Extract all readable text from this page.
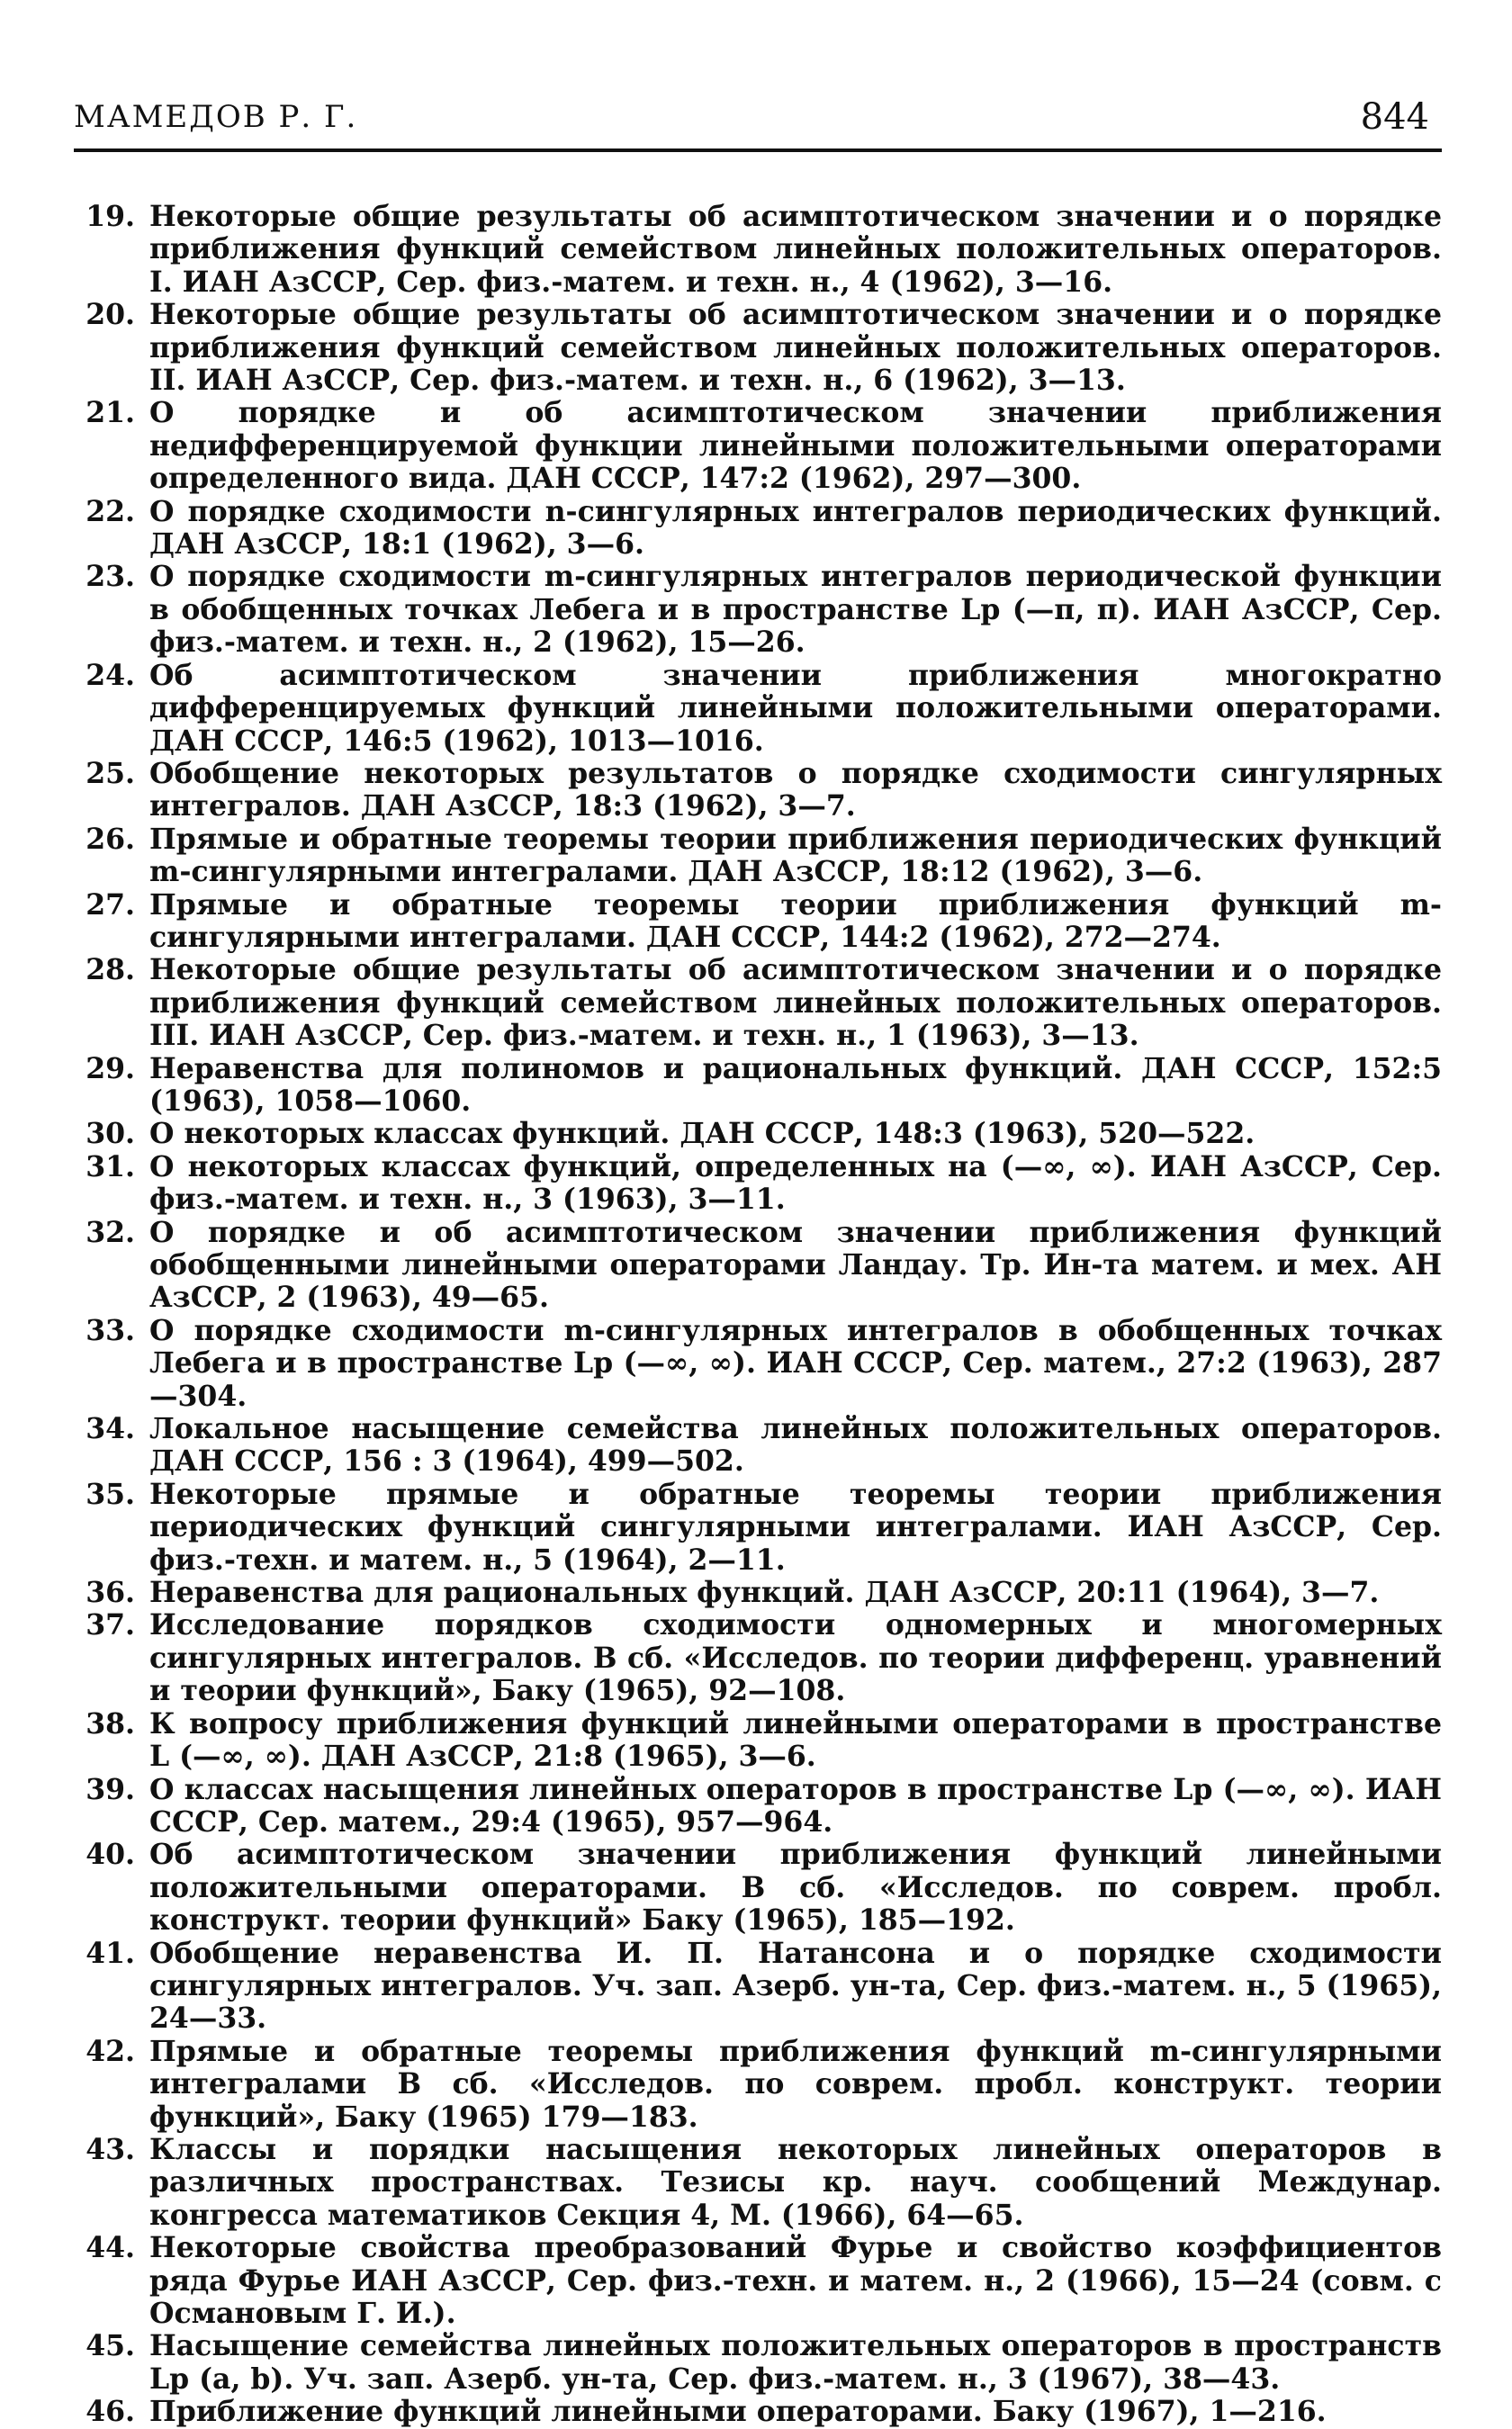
МАМЕДОВ Р. Г.	844
19. Некоторые общие результаты об асимптотическом значении и о порядке приближения функций семейством линейных положительных операторов. I. ИАН АзССР, Сер. физ.-матем. и техн. н., 4 (1962), 3—16.
20. Некоторые общие результаты об асимптотическом значении и о порядке приближения функций семейством линейных положительных операторов. II. ИАН АзССР, Сер. физ.-матем. и техн. н., 6 (1962), 3—13.
21. О порядке и об асимптотическом значении приближения недифференцируемой функции линейными положительными операторами определенного вида. ДАН СССР, 147:2 (1962), 297—300.
22. О порядке сходимости n-сингулярных интегралов периодических функций. ДАН АзССР, 18:1 (1962), 3—6.
23. О порядке сходимости m-сингулярных интегралов периодической функции в обобщенных точках Лебега и в пространстве Lp (—π, π). ИАН АзССР, Сер. физ.-матем. и техн. н., 2 (1962), 15—26.
24. Об асимптотическом значении приближения многократно дифференцируемых функций линейными положительными операторами. ДАН СССР, 146:5 (1962), 1013—1016.
25. Обобщение некоторых результатов о порядке сходимости сингулярных интегралов. ДАН АзССР, 18:3 (1962), 3—7.
26. Прямые и обратные теоремы теории приближения периодических функций m-сингулярными интегралами. ДАН АзССР, 18:12 (1962), 3—6.
27. Прямые и обратные теоремы теории приближения функций m-сингулярными интегралами. ДАН СССР, 144:2 (1962), 272—274.
28. Некоторые общие результаты об асимптотическом значении и о порядке приближения функций семейством линейных положительных операторов. III. ИАН АзССР, Сер. физ.-матем. и техн. н., 1 (1963), 3—13.
29. Неравенства для полиномов и рациональных функций. ДАН СССР, 152:5 (1963), 1058—1060.
30. О некоторых классах функций. ДАН СССР, 148:3 (1963), 520—522.
31. О некоторых классах функций, определенных на (—∞, ∞). ИАН АзССР, Сер. физ.-матем. и техн. н., 3 (1963), 3—11.
32. О порядке и об асимптотическом значении приближения функций обобщенными линейными операторами Ландау. Тр. Ин-та матем. и мех. АН АзССР, 2 (1963), 49—65.
33. О порядке сходимости m-сингулярных интегралов в обобщенных точках Лебега и в пространстве Lp (—∞, ∞). ИАН СССР, Сер. матем., 27:2 (1963), 287—304.
34. Локальное насыщение семейства линейных положительных операторов. ДАН СССР, 156 : 3 (1964), 499—502.
35. Некоторые прямые и обратные теоремы теории приближения периодических функций сингулярными интегралами. ИАН АзССР, Сер. физ.-техн. и матем. н., 5 (1964), 2—11.
36. Неравенства для рациональных функций. ДАН АзССР, 20:11 (1964), 3—7.
37. Исследование порядков сходимости одномерных и многомерных сингулярных интегралов. В сб. «Исследов. по теории дифференц. уравнений и теории функций», Баку (1965), 92—108.
38. К вопросу приближения функций линейными операторами в пространстве L (—∞, ∞). ДАН АзССР, 21:8 (1965), 3—6.
39. О классах насыщения линейных операторов в пространстве Lp (—∞, ∞). ИАН СССР, Сер. матем., 29:4 (1965), 957—964.
40. Об асимптотическом значении приближения функций линейными положительными операторами. В сб. «Исследов. по соврем. пробл. конструкт. теории функций» Баку (1965), 185—192.
41. Обобщение неравенства И. П. Натансона и о порядке сходимости сингулярных интегралов. Уч. зап. Азерб. ун-та, Сер. физ.-матем. н., 5 (1965), 24—33.
42. Прямые и обратные теоремы приближения функций m-сингулярными интегралами В сб. «Исследов. по соврем. пробл. конструкт. теории функций», Баку (1965) 179—183.
43. Классы и порядки насыщения некоторых линейных операторов в различных пространствах. Тезисы кр. науч. сообщений Междунар. конгресса математиков Секция 4, М. (1966), 64—65.
44. Некоторые свойства преобразований Фурье и свойство коэффициентов ряда Фурье ИАН АзССР, Сер. физ.-техн. и матем. н., 2 (1966), 15—24 (совм. с Османовым Г. И.).
45. Насыщение семейства линейных положительных операторов в пространств Lp (a, b). Уч. зап. Азерб. ун-та, Сер. физ.-матем. н., 3 (1967), 38—43.
46. Приближение функций линейными операторами. Баку (1967), 1—216.
